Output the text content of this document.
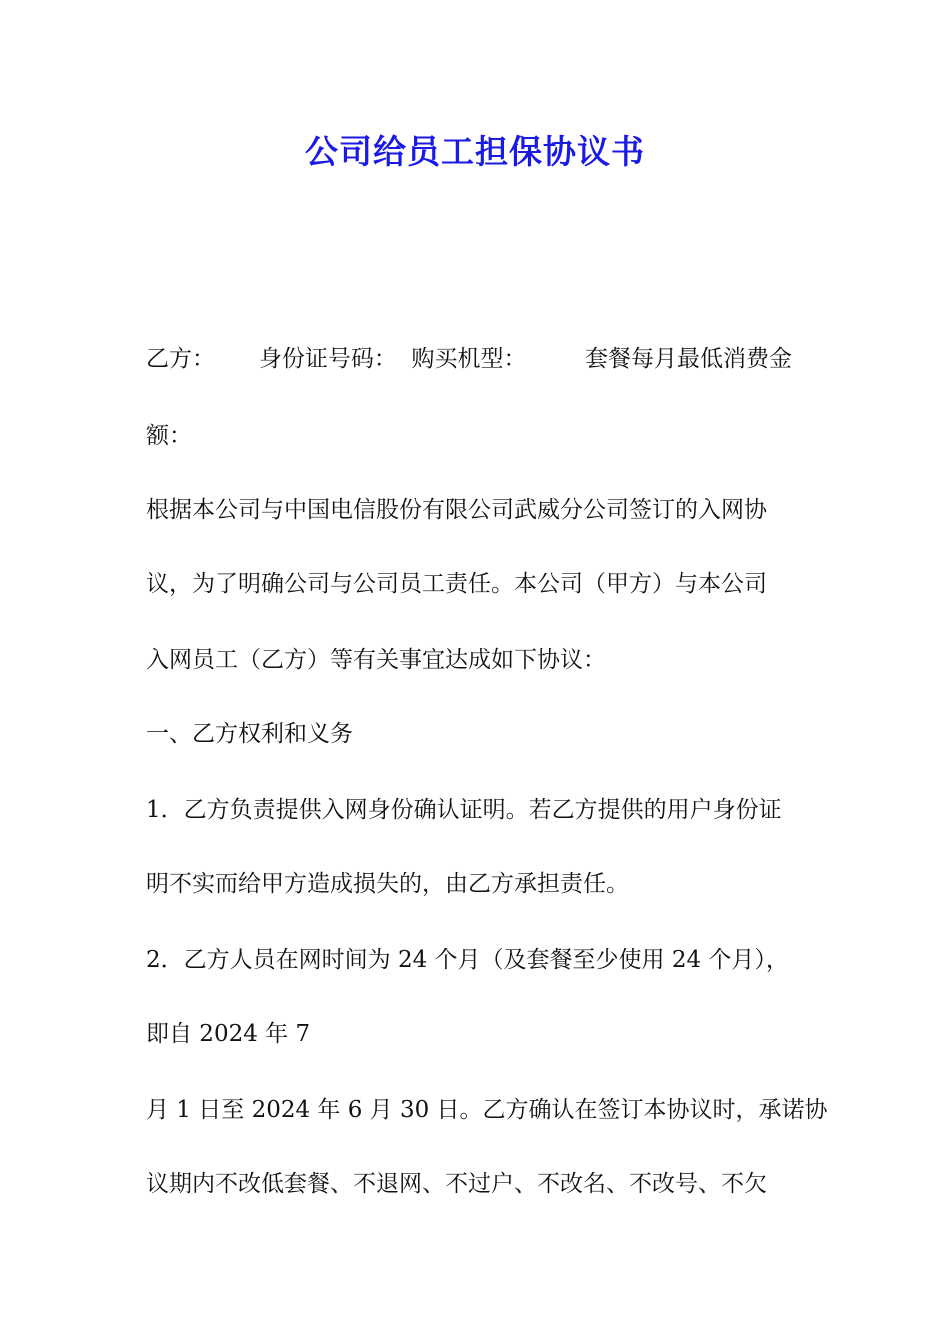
公司给员工担保协议书
乙方：      身份证号码：  购买机型：        套餐每月最低消费金
额：
根据本公司与中国电信股份有限公司武威分公司签订的入网协
议，为了明确公司与公司员工责任。本公司（甲方）与本公司
入网员工（乙方）等有关事宜达成如下协议：
一、乙方权利和义务
1．乙方负责提供入网身份确认证明。若乙方提供的用户身份证
明不实而给甲方造成损失的，由乙方承担责任。
2．乙方人员在网时间为 24 个月（及套餐至少使用 24 个月），
即自 2024 年 7
月 1 日至 2024 年 6 月 30 日。乙方确认在签订本协议时，承诺协
议期内不改低套餐、不退网、不过户、不改名、不改号、不欠
